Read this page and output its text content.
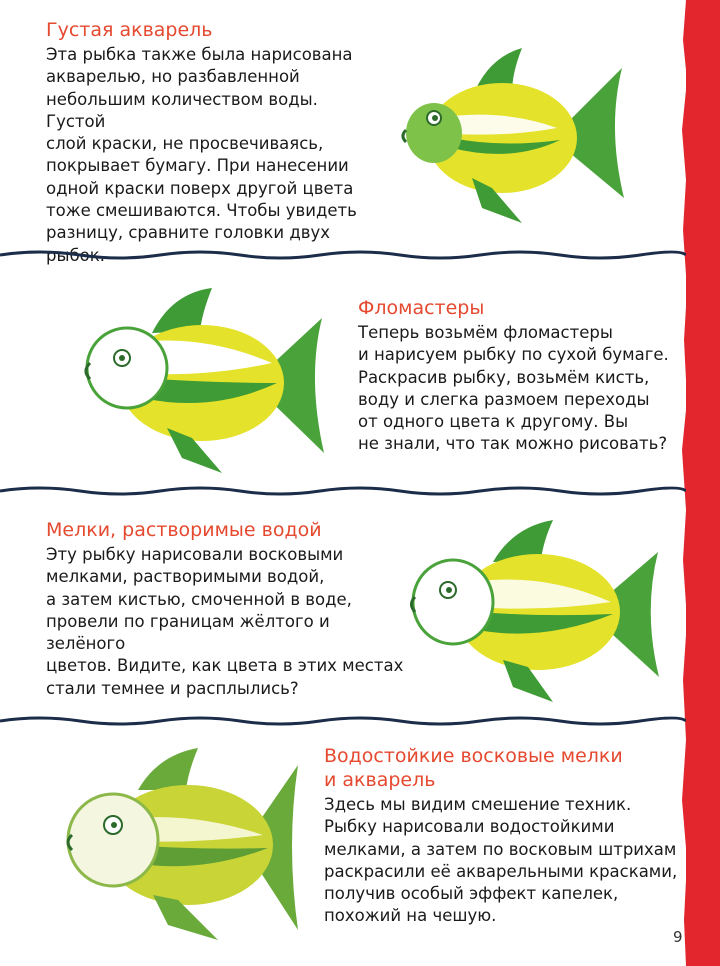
Густая акварель

Эта рыбка также была нарисована
акварелью, но разбавленной
небольшим количеством воды. Густой
слой краски, не просвечиваясь,
покрывает бумагу. При нанесении
одной краски поверх другой цвета
тоже смешиваются. Чтобы увидеть
разницу, сравните головки двух
рыбок.

Фломастеры

Теперь возьмём фломастеры
и нарисуем рыбку по сухой бумаге.
Раскрасив рыбку, возьмём кисть,
воду и слегка размоем переходы
от одного цвета к другому. Вы
не знали, что так можно рисовать?

Мелки, растворимые водой

Эту рыбку нарисовали восковыми
мелками, растворимыми водой,
а затем кистью, смоченной в воде,
провели по границам жёлтого и зелёного
цветов. Видите, как цвета в этих местах
стали темнее и расплылись?

Водостойкие восковые мелки
и акварель

Здесь мы видим смешение техник.
Рыбку нарисовали водостойкими
мелками, а затем по восковым штрихам
раскрасили её акварельными красками,
получив особый эффект капелек,
похожий на чешую.

9
